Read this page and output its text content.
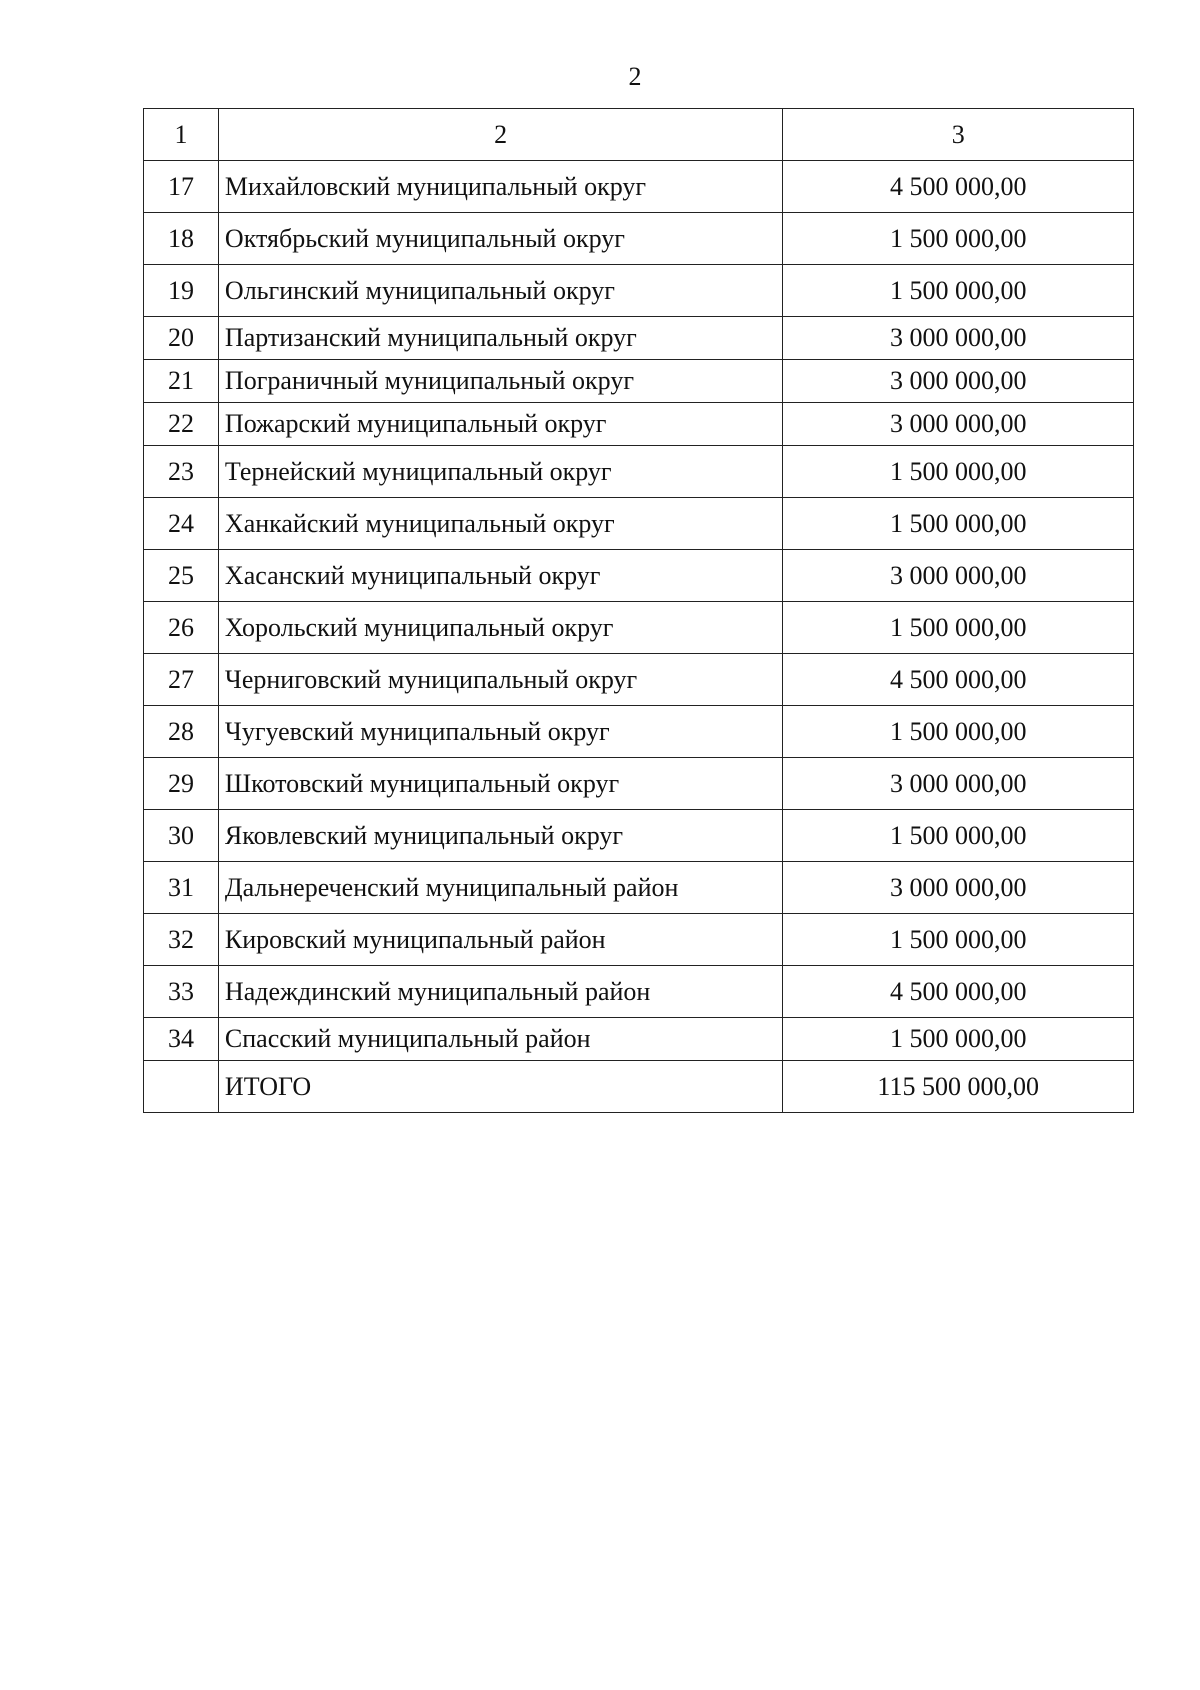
2
1	2	3
17	Михайловский муниципальный округ	4 500 000,00
18	Октябрьский муниципальный округ	1 500 000,00
19	Ольгинский муниципальный округ	1 500 000,00
20	Партизанский муниципальный округ	3 000 000,00
21	Пограничный муниципальный округ	3 000 000,00
22	Пожарский муниципальный округ	3 000 000,00
23	Тернейский муниципальный округ	1 500 000,00
24	Ханкайский муниципальный округ	1 500 000,00
25	Хасанский муниципальный округ	3 000 000,00
26	Хорольский муниципальный округ	1 500 000,00
27	Черниговский муниципальный округ	4 500 000,00
28	Чугуевский муниципальный округ	1 500 000,00
29	Шкотовский муниципальный округ	3 000 000,00
30	Яковлевский муниципальный округ	1 500 000,00
31	Дальнереченский муниципальный район	3 000 000,00
32	Кировский муниципальный район	1 500 000,00
33	Надеждинский муниципальный район	4 500 000,00
34	Спасский муниципальный район	1 500 000,00
	ИТОГО	115 500 000,00
